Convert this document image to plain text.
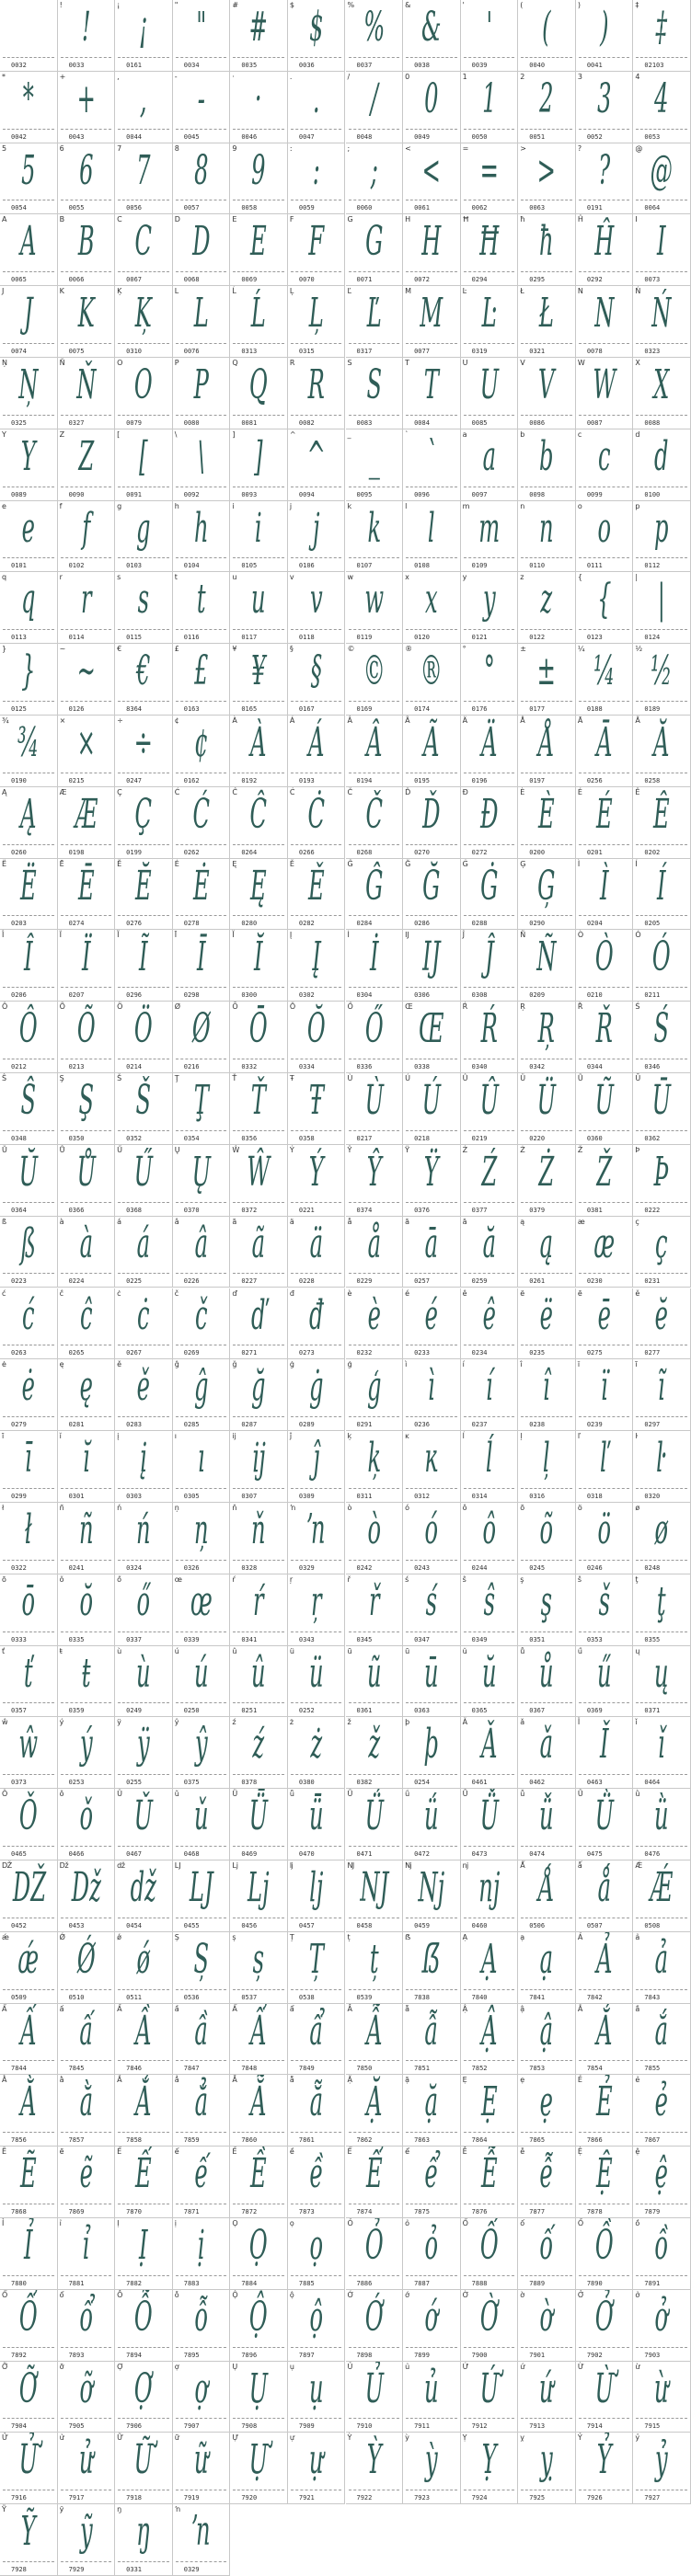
0032
! !
0033
¡ ¡
0161
" "
0034
# #
0035
$ $
0036
% %
0037
& &
0038
' '
0039
( (
0040
) )
0041
‡ ‡
02103
* *
0042
+ +
0043
, ,
0044
- -
0045
· ·
0046
. .
0047
/ /
0048
0 0
0049
1 1
0050
2 2
0051
3 3
0052
4 4
0053
5 5
0054
6 6
0055
7 7
0056
8 8
0057
9 9
0058
: :
0059
; ;
0060
< <
0061
= =
0062
> >
0063
? ?
0191
@ @
0064
A A
0065
B B
0066
C C
0067
D D
0068
E E
0069
F F
0070
G G
0071
H H
0072
Ħ Ħ
0294
ħ ħ
0295
Ĥ Ĥ
0292
I I
0073
J J
0074
K K
0075
Ķ Ķ
0310
L L
0076
Ĺ Ĺ
0313
Ļ Ļ
0315
Ľ Ľ
0317
M M
0077
Ŀ Ŀ
0319
Ł Ł
0321
N N
0078
Ń Ń
0323
Ņ Ņ
0325
Ň Ň
0327
O O
0079
P P
0080
Q Q
0081
R R
0082
S S
0083
T T
0084
U U
0085
V V
0086
W W
0087
X X
0088
Y Y
0089
Z Z
0090
[ [
0091
\ \
0092
] ]
0093
^ ^
0094
_ _
0095
` `
0096
a a
0097
b b
0098
c c
0099
d d
0100
e e
0101
f f
0102
g g
0103
h h
0104
i i
0105
j j
0106
k k
0107
l l
0108
m m
0109
n n
0110
o o
0111
p p
0112
q q
0113
r r
0114
s s
0115
t t
0116
u u
0117
v v
0118
w w
0119
x x
0120
y y
0121
z z
0122
{ {
0123
| |
0124
} }
0125
~ ~
0126
€ €
8364
£ £
0163
¥ ¥
0165
§ §
0167
© ©
0169
® ®
0174
° °
0176
± ±
0177
¼ ¼
0188
½ ½
0189
¾ ¾
0190
× ×
0215
÷ ÷
0247
¢ ¢
0162
À À
0192
Á Á
0193
Â Â
0194
Ã Ã
0195
Ä Ä
0196
Å Å
0197
Ā Ā
0256
Ă Ă
0258
Ą Ą
0260
Æ Æ
0198
Ç Ç
0199
Ć Ć
0262
Ĉ Ĉ
0264
Ċ Ċ
0266
Č Č
0268
Ď Ď
0270
Đ Đ
0272
È È
0200
É É
0201
Ê Ê
0202
Ë Ë
0203
Ē Ē
0274
Ĕ Ĕ
0276
Ė Ė
0278
Ę Ę
0280
Ě Ě
0282
Ĝ Ĝ
0284
Ğ Ğ
0286
Ġ Ġ
0288
Ģ Ģ
0290
Ì Ì
0204
Í Í
0205
Î Î
0206
Ï Ï
0207
Ĩ Ĩ
0296
Ī Ī
0298
Ĭ Ĭ
0300
Į Į
0302
İ İ
0304
Ĳ Ĳ
0306
Ĵ Ĵ
0308
Ñ Ñ
0209
Ò Ò
0210
Ó Ó
0211
Ô Ô
0212
Õ Õ
0213
Ö Ö
0214
Ø Ø
0216
Ō Ō
0332
Ŏ Ŏ
0334
Ő Ő
0336
Œ Œ
0338
Ŕ Ŕ
0340
Ŗ Ŗ
0342
Ř Ř
0344
Ś Ś
0346
Ŝ Ŝ
0348
Ş Ş
0350
Š Š
0352
Ţ Ţ
0354
Ť Ť
0356
Ŧ Ŧ
0358
Ù Ù
0217
Ú Ú
0218
Û Û
0219
Ü Ü
0220
Ũ Ũ
0360
Ū Ū
0362
Ŭ Ŭ
0364
Ů Ů
0366
Ű Ű
0368
Ų Ų
0370
Ŵ Ŵ
0372
Ý Ý
0221
Ŷ Ŷ
0374
Ÿ Ÿ
0376
Ź Ź
0377
Ż Ż
0379
Ž Ž
0381
Þ Þ
0222
ß ß
0223
à à
0224
á á
0225
â â
0226
ã ã
0227
ä ä
0228
å å
0229
ā ā
0257
ă ă
0259
ą ą
0261
æ æ
0230
ç ç
0231
ć ć
0263
ĉ ĉ
0265
ċ ċ
0267
č č
0269
ď ď
0271
đ đ
0273
è è
0232
é é
0233
ê ê
0234
ë ë
0235
ē ē
0275
ĕ ĕ
0277
ė ė
0279
ę ę
0281
ě ě
0283
ĝ ĝ
0285
ğ ğ
0287
ġ ġ
0289
ģ ģ
0291
ì ì
0236
í í
0237
î î
0238
ï ï
0239
ĩ ĩ
0297
ī ī
0299
ĭ ĭ
0301
į į
0303
ı ı
0305
ĳ ĳ
0307
ĵ ĵ
0309
ķ ķ
0311
ĸ ĸ
0312
ĺ ĺ
0314
ļ ļ
0316
ľ ľ
0318
ŀ ŀ
0320
ł ł
0322
ñ ñ
0241
ń ń
0324
ņ ņ
0326
ň ň
0328
ŉ ŉ
0329
ò ò
0242
ó ó
0243
ô ô
0244
õ õ
0245
ö ö
0246
ø ø
0248
ō ō
0333
ŏ ŏ
0335
ő ő
0337
œ œ
0339
ŕ ŕ
0341
ŗ ŗ
0343
ř ř
0345
ś ś
0347
ŝ ŝ
0349
ş ş
0351
š š
0353
ţ ţ
0355
ť ť
0357
ŧ ŧ
0359
ù ù
0249
ú ú
0250
û û
0251
ü ü
0252
ũ ũ
0361
ū ū
0363
ŭ ŭ
0365
ů ů
0367
ű ű
0369
ų ų
0371
ŵ ŵ
0373
ý ý
0253
ÿ ÿ
0255
ŷ ŷ
0375
ź ź
0378
ż ż
0380
ž ž
0382
þ þ
0254
Ǎ Ǎ
0461
ǎ ǎ
0462
Ǐ Ǐ
0463
ǐ ǐ
0464
Ǒ Ǒ
0465
ǒ ǒ
0466
Ǔ Ǔ
0467
ǔ ǔ
0468
Ǖ Ǖ
0469
ǖ ǖ
0470
Ǘ Ǘ
0471
ǘ ǘ
0472
Ǚ Ǚ
0473
ǚ ǚ
0474
Ǜ Ǜ
0475
ǜ ǜ
0476
Ǆ Ǆ
0452
ǅ ǅ
0453
ǆ ǆ
0454
Ǉ Ǉ
0455
ǈ ǈ
0456
ǉ ǉ
0457
Ǌ Ǌ
0458
ǋ ǋ
0459
ǌ ǌ
0460
Ǻ Ǻ
0506
ǻ ǻ
0507
Ǽ Ǽ
0508
ǽ ǽ
0509
Ǿ Ǿ
0510
ǿ ǿ
0511
Ș Ș
0536
ș ș
0537
Ț Ț
0538
ț ț
0539
ẞ ẞ
7838
Ạ Ạ
7840
ạ ạ
7841
Ả Ả
7842
ả ả
7843
Ấ Ấ
7844
ấ ấ
7845
Ầ Ầ
7846
ầ ầ
7847
Ẩ Ẩ
7848
ẩ ẩ
7849
Ẫ Ẫ
7850
ẫ ẫ
7851
Ậ Ậ
7852
ậ ậ
7853
Ắ Ắ
7854
ắ ắ
7855
Ằ Ằ
7856
ằ ằ
7857
Ẳ Ẳ
7858
ẳ ẳ
7859
Ẵ Ẵ
7860
ẵ ẵ
7861
Ặ Ặ
7862
ặ ặ
7863
Ẹ Ẹ
7864
ẹ ẹ
7865
Ẻ Ẻ
7866
ẻ ẻ
7867
Ẽ Ẽ
7868
ẽ ẽ
7869
Ế Ế
7870
ế ế
7871
Ề Ề
7872
ề ề
7873
Ể Ể
7874
ể ể
7875
Ễ Ễ
7876
ễ ễ
7877
Ệ Ệ
7878
ệ ệ
7879
Ỉ Ỉ
7880
ỉ ỉ
7881
Ị Ị
7882
ị ị
7883
Ọ Ọ
7884
ọ ọ
7885
Ỏ Ỏ
7886
ỏ ỏ
7887
Ố Ố
7888
ố ố
7889
Ồ Ồ
7890
ồ ồ
7891
Ổ Ổ
7892
ổ ổ
7893
Ỗ Ỗ
7894
ỗ ỗ
7895
Ộ Ộ
7896
ộ ộ
7897
Ớ Ớ
7898
ớ ớ
7899
Ờ Ờ
7900
ờ ờ
7901
Ở Ở
7902
ở ở
7903
Ỡ Ỡ
7904
ỡ ỡ
7905
Ợ Ợ
7906
ợ ợ
7907
Ụ Ụ
7908
ụ ụ
7909
Ủ Ủ
7910
ủ ủ
7911
Ứ Ứ
7912
ứ ứ
7913
Ừ Ừ
7914
ừ ừ
7915
Ử Ử
7916
ử ử
7917
Ữ Ữ
7918
ữ ữ
7919
Ự Ự
7920
ự ự
7921
Ỳ Ỳ
7922
ỳ ỳ
7923
Ỵ Ỵ
7924
ỵ ỵ
7925
Ỷ Ỷ
7926
ỷ ỷ
7927
Ỹ Ỹ
7928
ỹ ỹ
7929
ŋ ŋ
0331
ŉ ŉ
0329
